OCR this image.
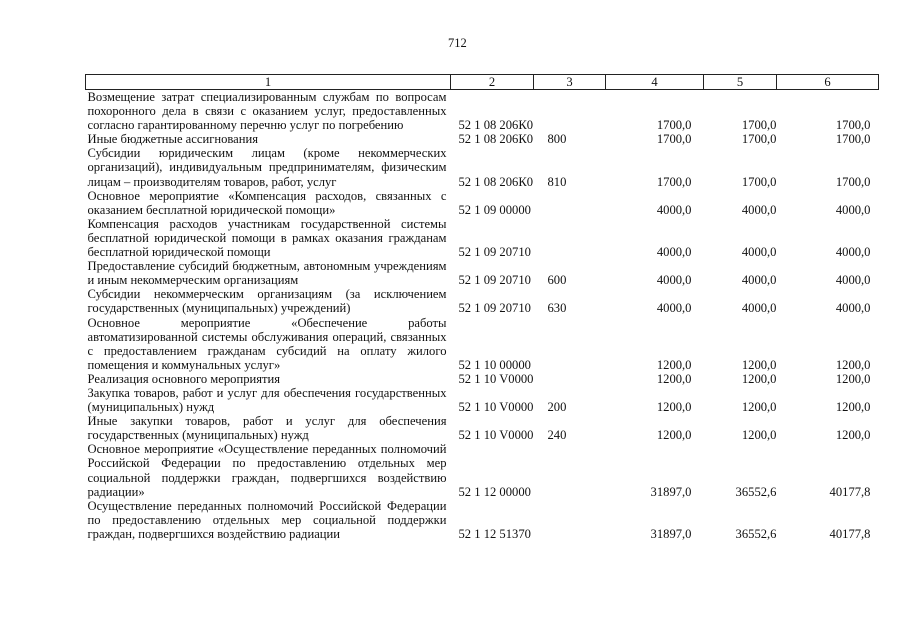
712
1	2	3	4	5	6
Возмещение затрат специализированным службам по вопросам похоронного дела в связи с оказанием услуг, предоставленных согласно гарантированному перечню услуг по погребению	52 1 08 206К0		1700,0	1700,0	1700,0
Иные бюджетные ассигнования	52 1 08 206К0	800	1700,0	1700,0	1700,0
Субсидии юридическим лицам (кроме некоммерческих организаций), индивидуальным предпринимателям, физическим лицам – производителям товаров, работ, услуг	52 1 08 206К0	810	1700,0	1700,0	1700,0
Основное мероприятие «Компенсация расходов, связанных с оказанием бесплатной юридической помощи»	52 1 09 00000		4000,0	4000,0	4000,0
Компенсация расходов участникам государственной системы бесплатной юридической помощи в рамках оказания гражданам бесплатной юридической помощи	52 1 09 20710		4000,0	4000,0	4000,0
Предоставление субсидий бюджетным, автономным учреждениям и иным некоммерческим организациям	52 1 09 20710	600	4000,0	4000,0	4000,0
Субсидии некоммерческим организациям (за исключением государственных (муниципальных) учреждений)	52 1 09 20710	630	4000,0	4000,0	4000,0
Основное мероприятие «Обеспечение работы автоматизированной системы обслуживания операций, связанных с предоставлением гражданам субсидий на оплату жилого помещения и коммунальных услуг»	52 1 10 00000		1200,0	1200,0	1200,0
Реализация основного мероприятия	52 1 10 V0000		1200,0	1200,0	1200,0
Закупка товаров, работ и услуг для обеспечения государственных (муниципальных) нужд	52 1 10 V0000	200	1200,0	1200,0	1200,0
Иные закупки товаров, работ и услуг для обеспечения государственных (муниципальных) нужд	52 1 10 V0000	240	1200,0	1200,0	1200,0
Основное мероприятие «Осуществление переданных полномочий Российской Федерации по предоставлению отдельных мер социальной поддержки граждан, подвергшихся воздействию радиации»	52 1 12 00000		31897,0	36552,6	40177,8
Осуществление переданных полномочий Российской Федерации по предоставлению отдельных мер социальной поддержки граждан, подвергшихся воздействию радиации	52 1 12 51370		31897,0	36552,6	40177,8
